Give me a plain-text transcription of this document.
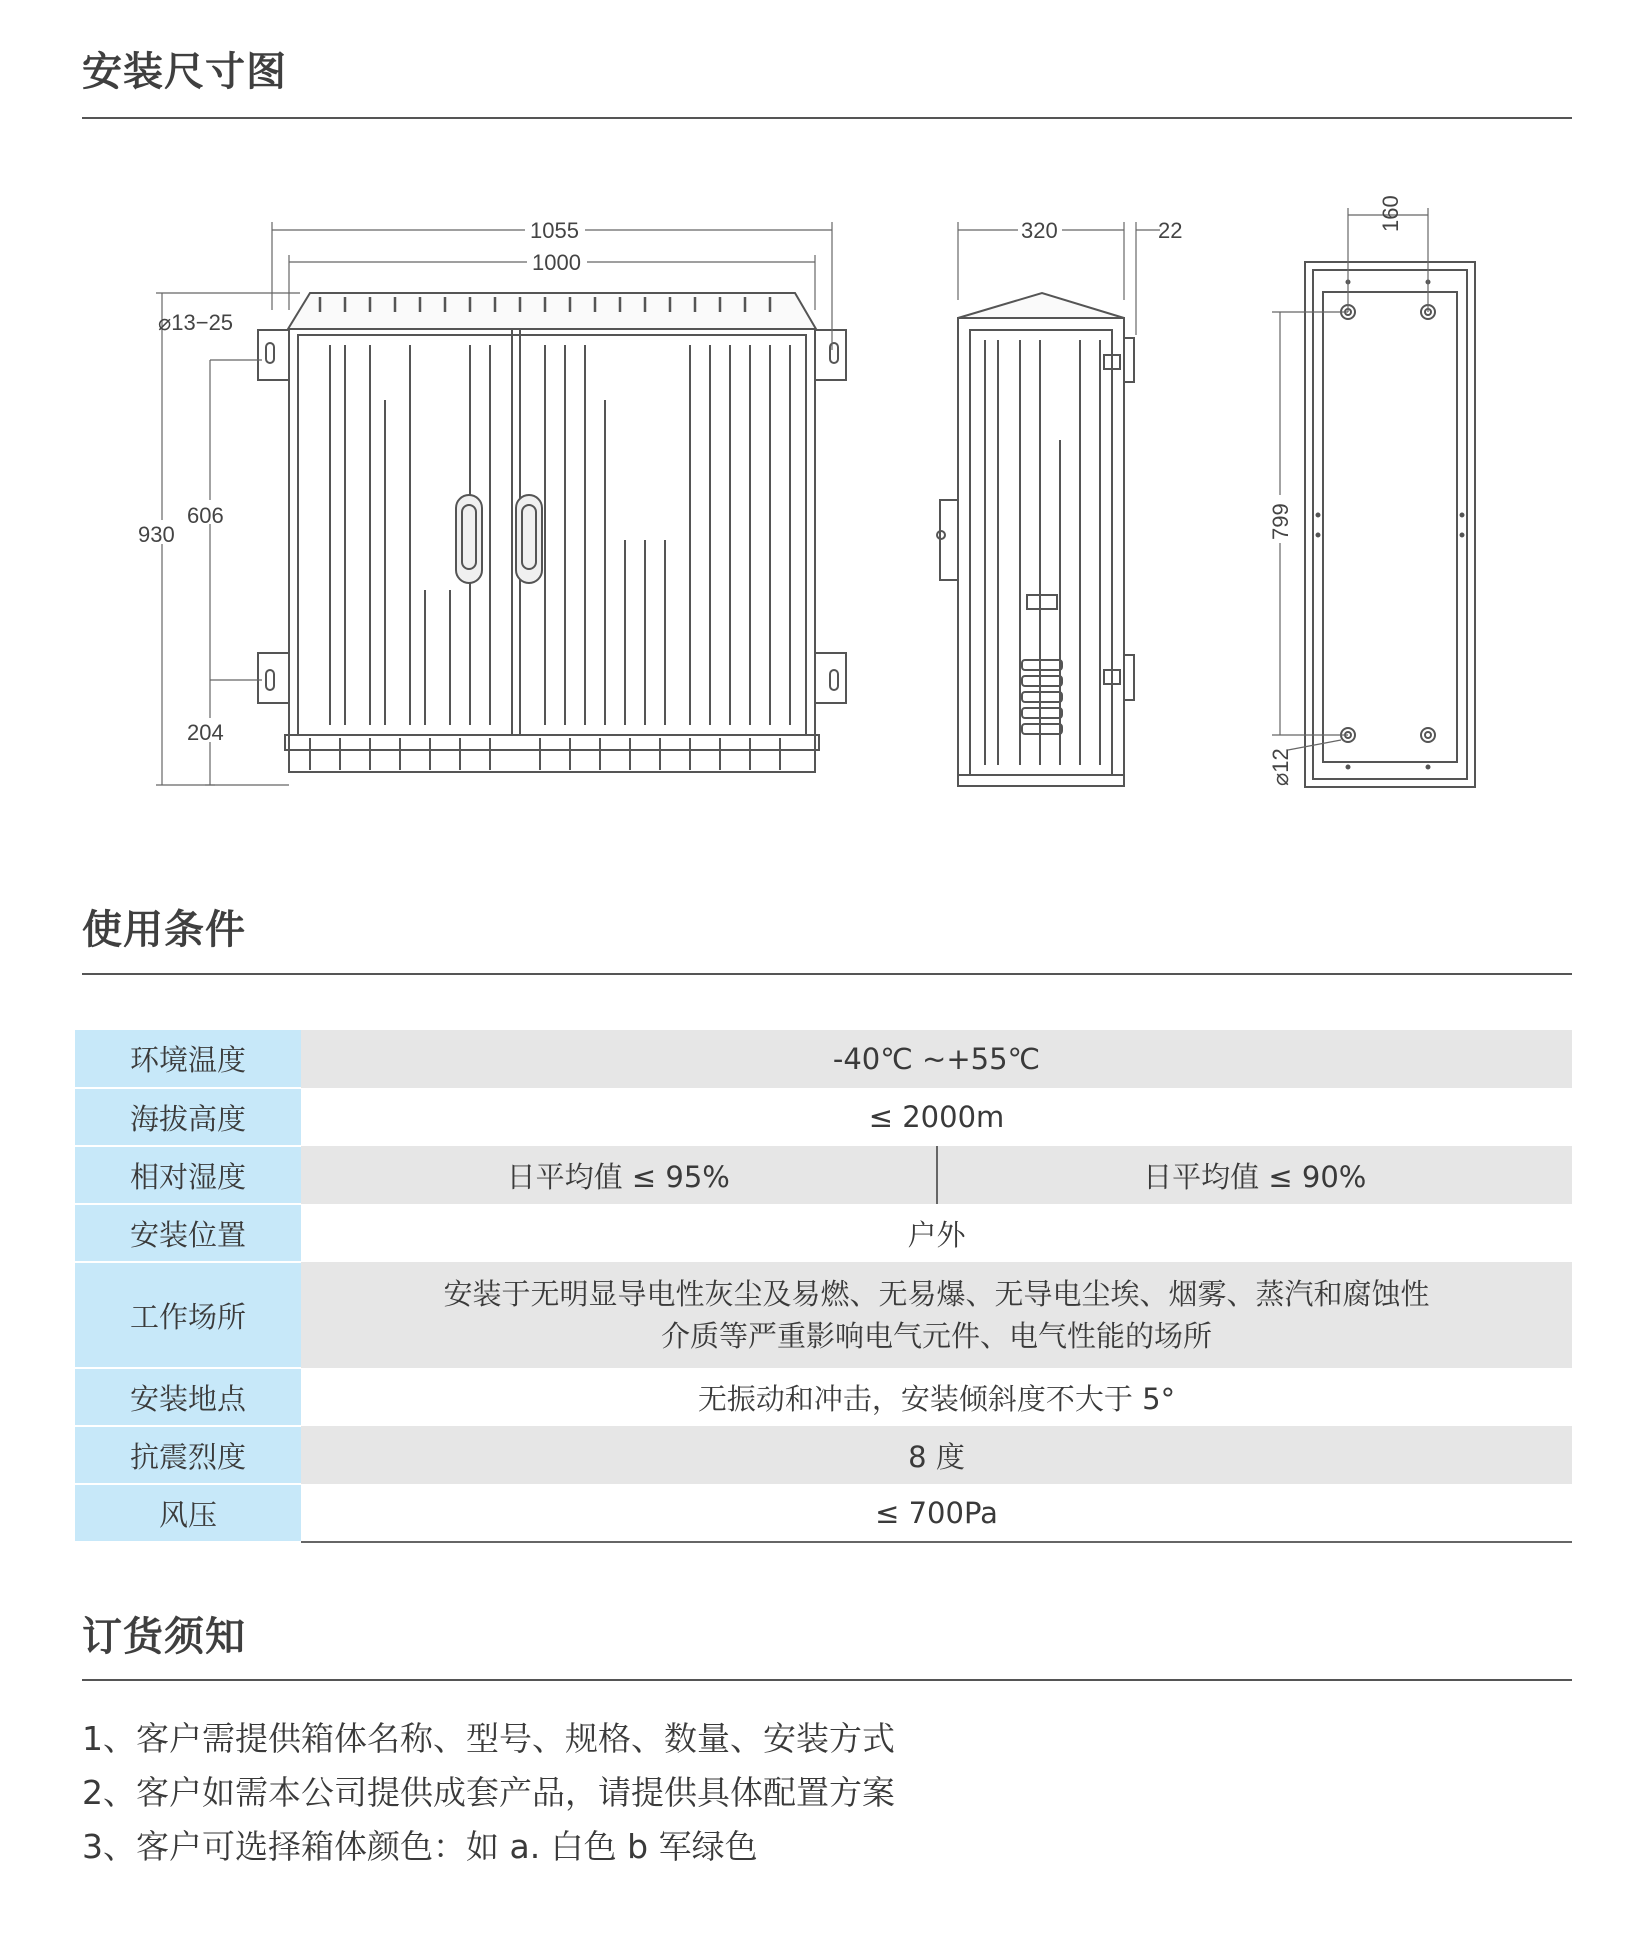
安装尺寸图
1055
1000
⌀13−25
930
606
204
320	22	160
799
⌀12
使用条件
环境温度	-40℃ ~+55℃	
海拔高度	≤ 2000m	
相对湿度	日平均值 ≤ 95%	日平均值 ≤ 90%
安装位置	户外	
工作场所	安装于无明显导电性灰尘及易燃、无易爆、无导电尘埃、烟雾、蒸汽和腐蚀性
介质等严重影响电气元件、电气性能的场所	

安装地点	无振动和冲击，安装倾斜度不大于 5°	
抗震烈度	8 度	
风压	≤ 700Pa	
订货须知
1、客户需提供箱体名称、型号、规格、数量、安装方式
2、客户如需本公司提供成套产品，请提供具体配置方案
3、客户可选择箱体颜色：如 a. 白色 b 军绿色
